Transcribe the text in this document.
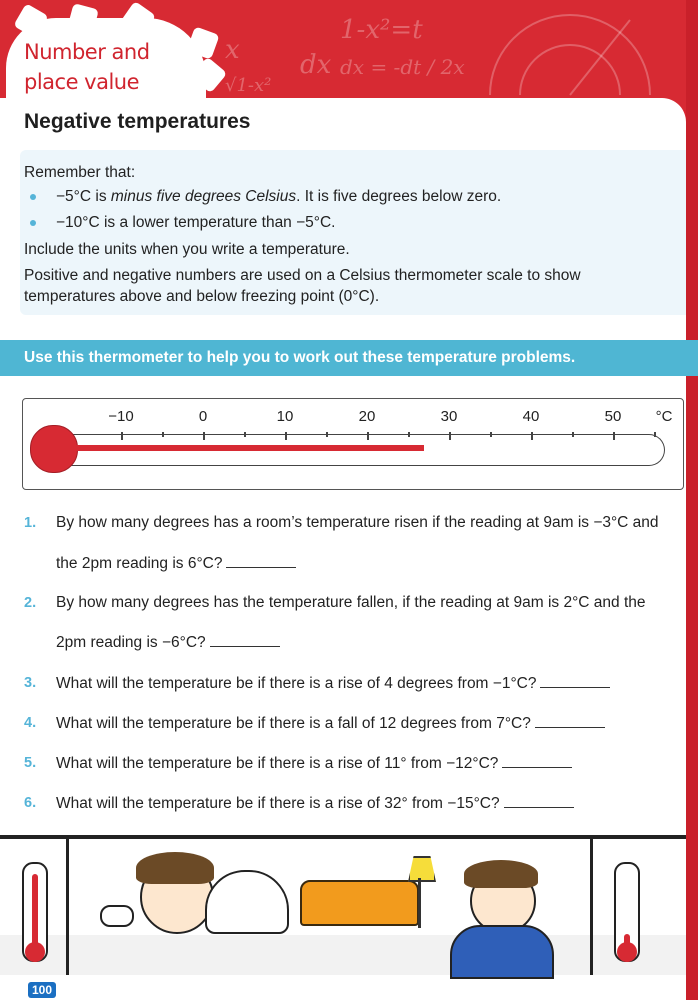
x dx
1-x²=t
dx = -dt / 2x
√1-x²
Number and place value
Negative temperatures
Remember that:
−5°C is minus five degrees Celsius. It is five degrees below zero.
−10°C is a lower temperature than −5°C.
Include the units when you write a temperature.
Positive and negative numbers are used on a Celsius thermometer scale to show
temperatures above and below freezing point (0°C).
Use this thermometer to help you to work out these temperature problems.
−10	0	10	20	30	40	50 °C
1. By how many degrees has a room’s temperature risen if the reading at 9am is −3°C and
the 2pm reading is 6°C?
2. By how many degrees has the temperature fallen, if the reading at 9am is 2°C and the
2pm reading is −6°C?
3. What will the temperature be if there is a rise of 4 degrees from −1°C?
4. What will the temperature be if there is a fall of 12 degrees from 7°C?
5. What will the temperature be if there is a rise of 11° from −12°C?
6. What will the temperature be if there is a rise of 32° from −15°C?
100
